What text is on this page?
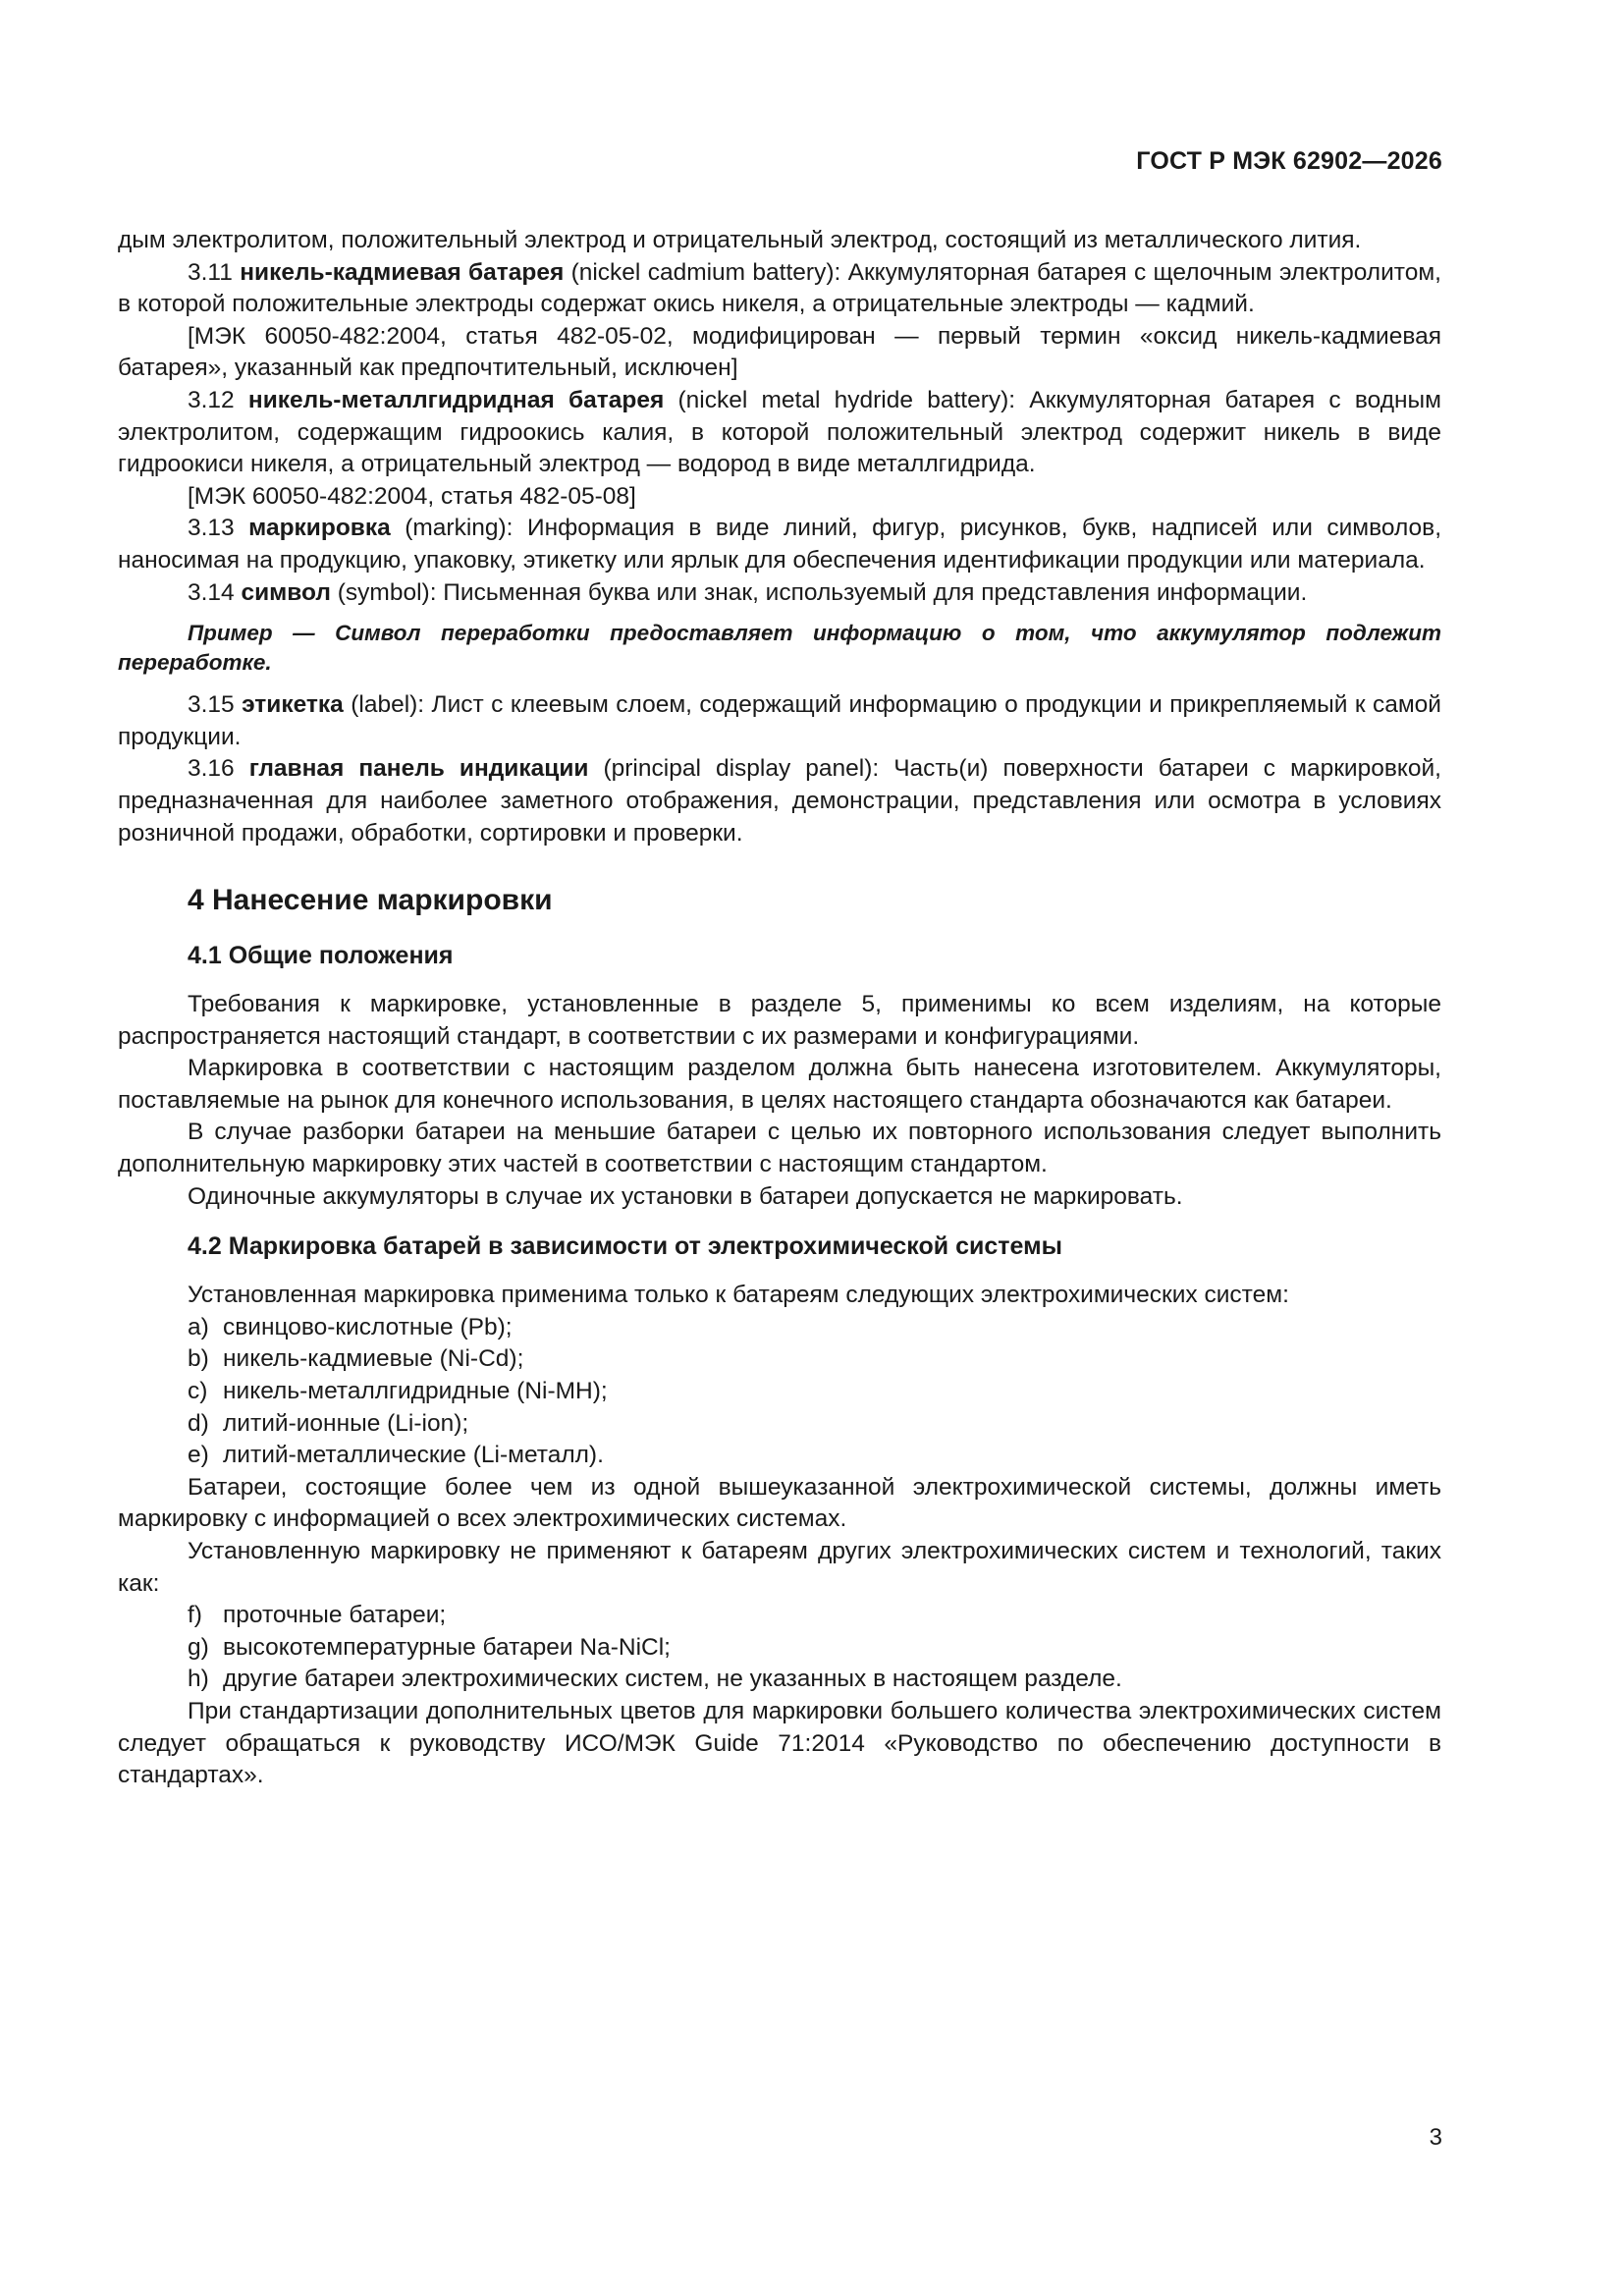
ГОСТ Р МЭК 62902—2026

дым электролитом, положительный электрод и отрицательный электрод, состоящий из металлического лития.

3.11 никель-кадмиевая батарея (nickel cadmium battery): Аккумуляторная батарея с щелочным электролитом, в которой положительные электроды содержат окись никеля, а отрицательные электроды — кадмий.

[МЭК 60050-482:2004, статья 482-05-02, модифицирован — первый термин «оксид никель-кадмиевая батарея», указанный как предпочтительный, исключен]

3.12 никель-металлгидридная батарея (nickel metal hydride battery): Аккумуляторная батарея с водным электролитом, содержащим гидроокись калия, в которой положительный электрод содержит никель в виде гидроокиси никеля, а отрицательный электрод — водород в виде металлгидрида.

[МЭК 60050-482:2004, статья 482-05-08]

3.13 маркировка (marking): Информация в виде линий, фигур, рисунков, букв, надписей или символов, наносимая на продукцию, упаковку, этикетку или ярлык для обеспечения идентификации продукции или материала.

3.14 символ (symbol): Письменная буква или знак, используемый для представления информации.

Пример — Символ переработки предоставляет информацию о том, что аккумулятор подлежит переработке.

3.15 этикетка (label): Лист с клеевым слоем, содержащий информацию о продукции и прикрепляемый к самой продукции.

3.16 главная панель индикации (principal display panel): Часть(и) поверхности батареи с маркировкой, предназначенная для наиболее заметного отображения, демонстрации, представления или осмотра в условиях розничной продажи, обработки, сортировки и проверки.

4 Нанесение маркировки
4.1 Общие положения

Требования к маркировке, установленные в разделе 5, применимы ко всем изделиям, на которые распространяется настоящий стандарт, в соответствии с их размерами и конфигурациями.

Маркировка в соответствии с настоящим разделом должна быть нанесена изготовителем. Аккумуляторы, поставляемые на рынок для конечного использования, в целях настоящего стандарта обозначаются как батареи.

В случае разборки батареи на меньшие батареи с целью их повторного использования следует выполнить дополнительную маркировку этих частей в соответствии с настоящим стандартом.

Одиночные аккумуляторы в случае их установки в батареи допускается не маркировать.

4.2 Маркировка батарей в зависимости от электрохимической системы

Установленная маркировка применима только к батареям следующих электрохимических систем:

a) свинцово-кислотные (Pb);

b) никель-кадмиевые (Ni-Cd);

c) никель-металлгидридные (Ni-MH);

d) литий-ионные (Li-ion);

e) литий-металлические (Li-металл).

Батареи, состоящие более чем из одной вышеуказанной электрохимической системы, должны иметь маркировку с информацией о всех электрохимических системах.

Установленную маркировку не применяют к батареям других электрохимических систем и технологий, таких как:

f) проточные батареи;

g) высокотемпературные батареи Na-NiCl;

h) другие батареи электрохимических систем, не указанных в настоящем разделе.

При стандартизации дополнительных цветов для маркировки большего количества электрохимических систем следует обращаться к руководству ИСО/МЭК Guide 71:2014 «Руководство по обеспечению доступности в стандартах».

3
